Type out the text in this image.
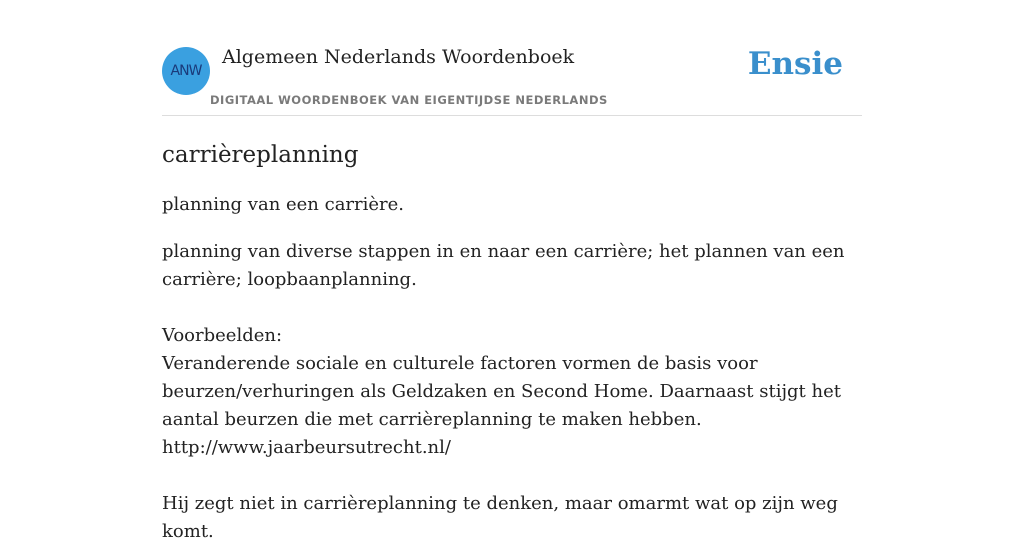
ANW
Algemeen Nederlands Woordenboek
DIGITAAL WOORDENBOEK VAN EIGENTIJDSE NEDERLANDS
Ensie
carrièreplanning

planning van een carrière.

planning van diverse stappen in en naar een carrière; het plannen van een carrière; loopbaanplanning.

Voorbeelden:

Veranderende sociale en culturele factoren vormen de basis voor beurzen/verhuringen als Geldzaken en Second Home. Daarnaast stijgt het aantal beurzen die met carrièreplanning te maken hebben.

http://www.jaarbeursutrecht.nl/

Hij zegt niet in carrièreplanning te denken, maar omarmt wat op zijn weg komt.
